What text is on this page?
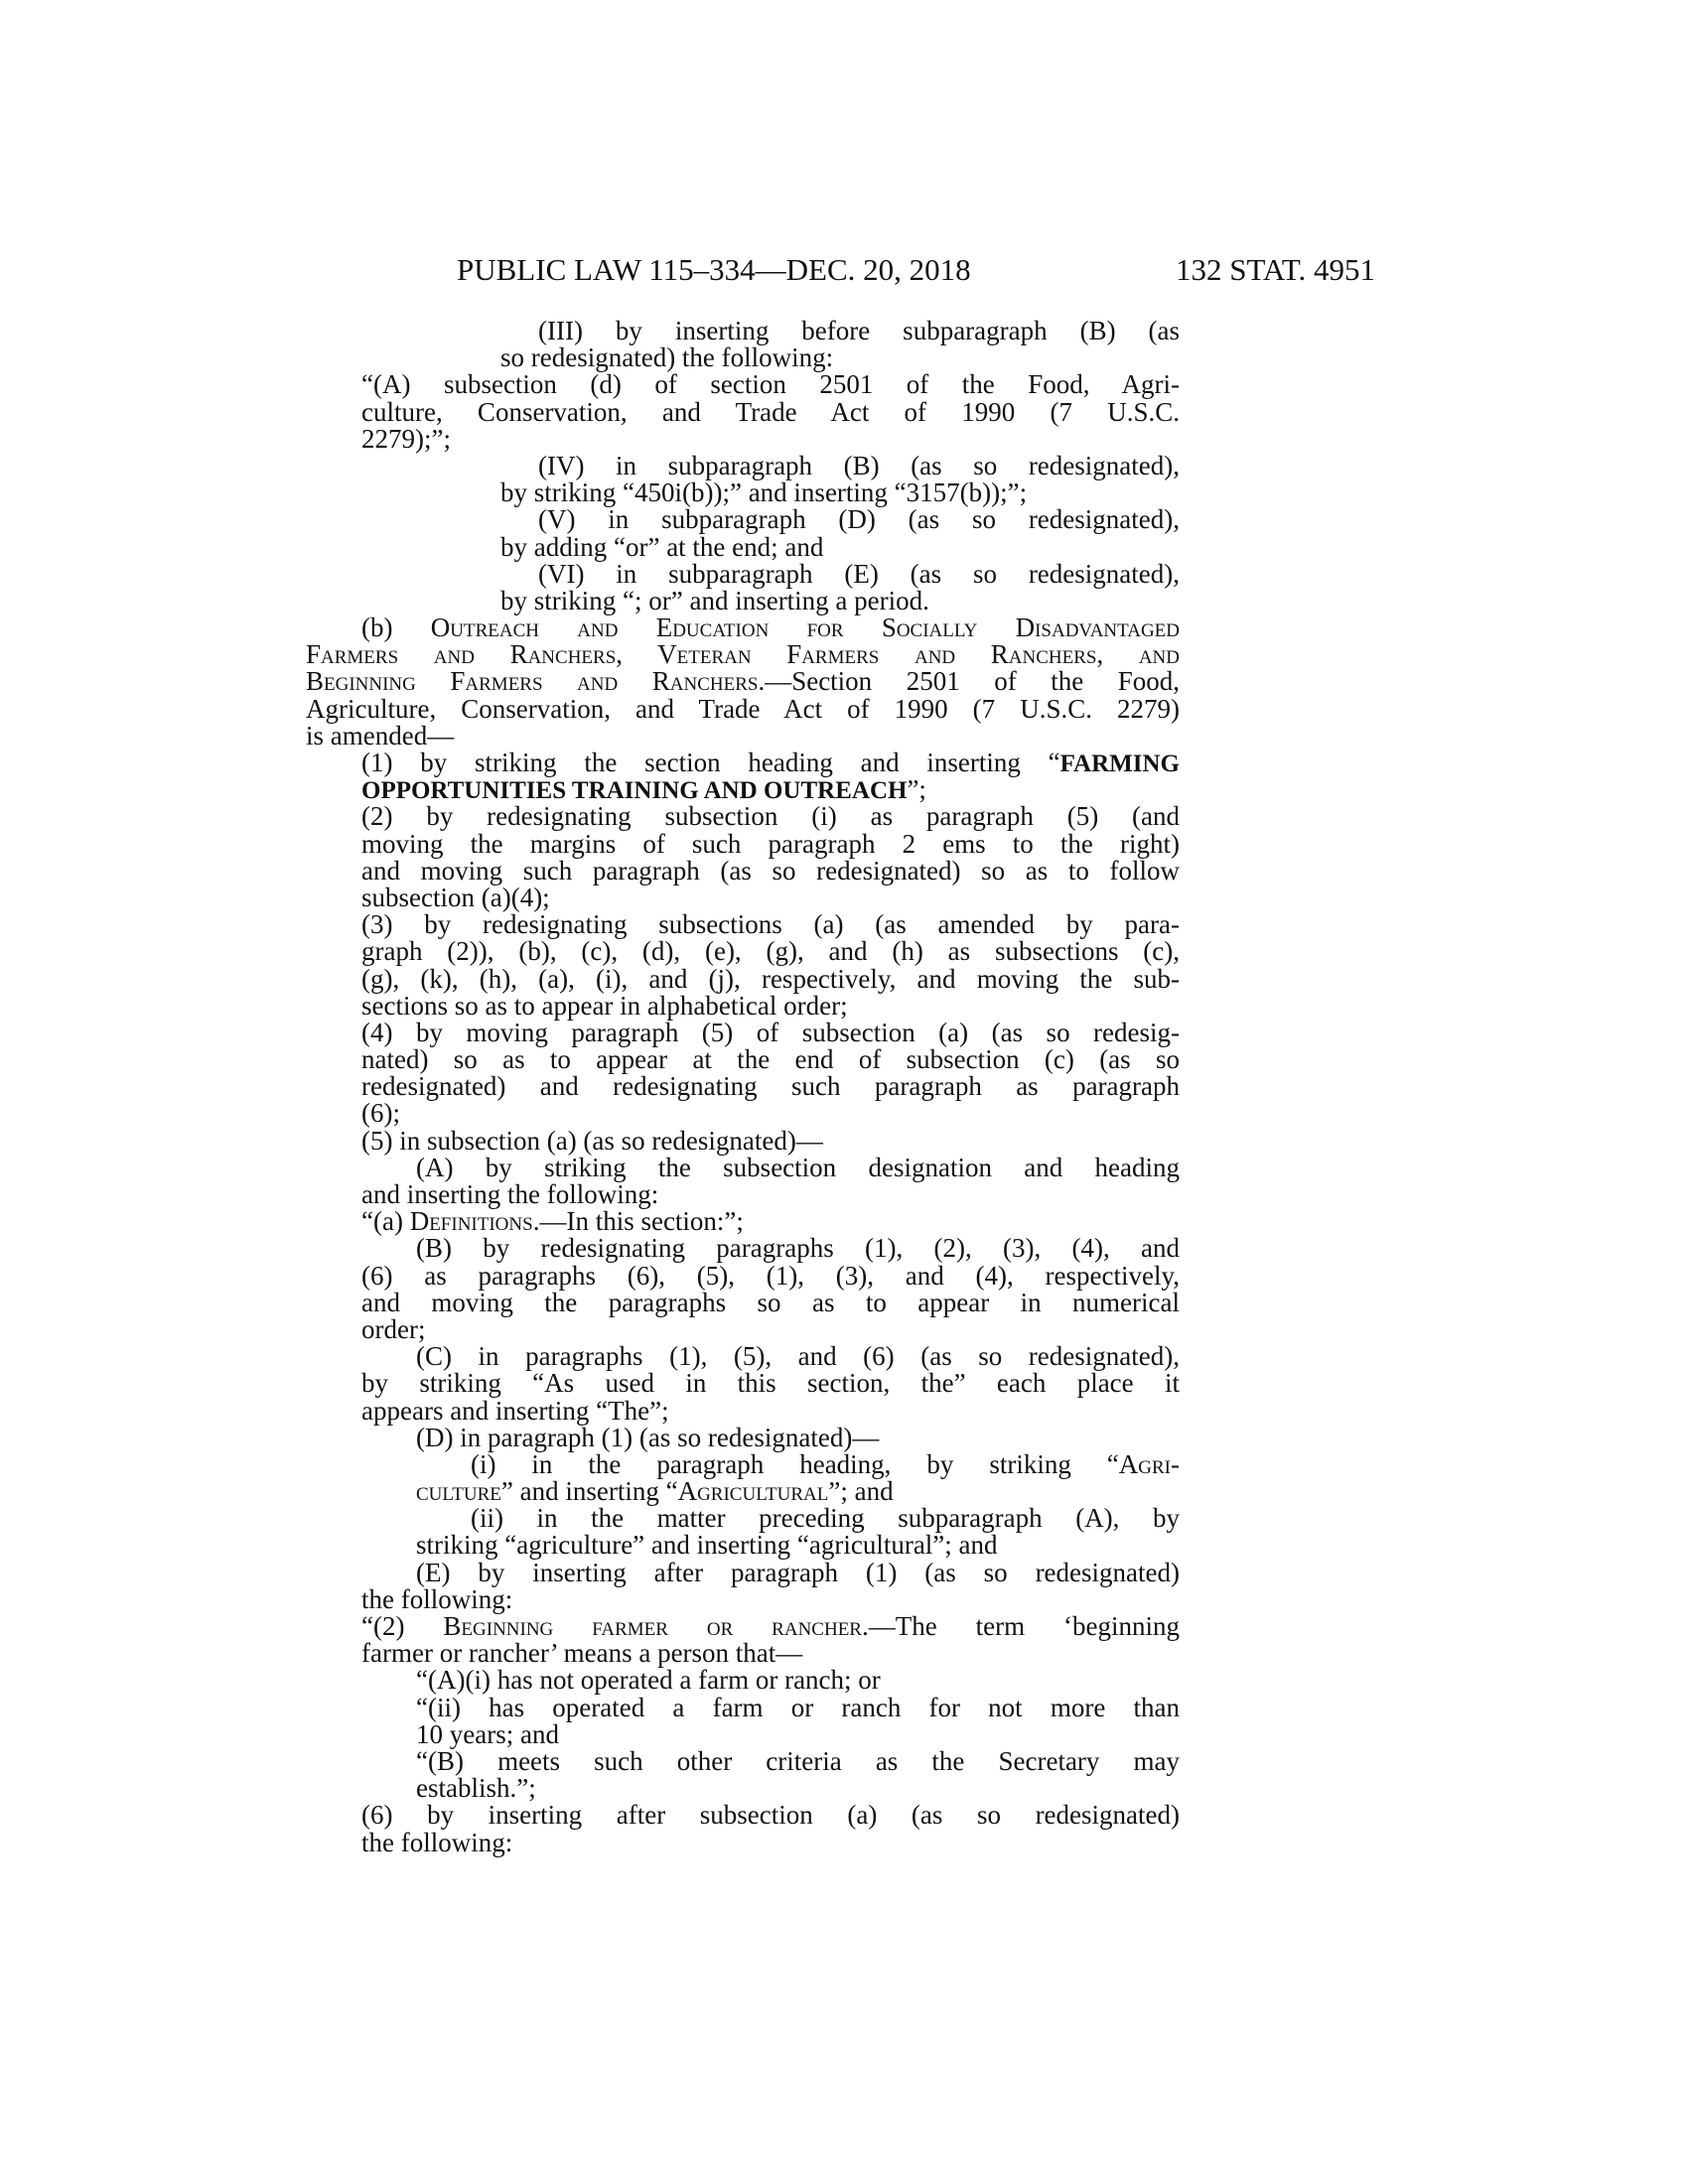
PUBLIC LAW 115–334—DEC. 20, 2018	132 STAT. 4951
(III) by inserting before subparagraph (B) (as
so redesignated) the following:
“(A) subsection (d) of section 2501 of the Food, Agri-
culture, Conservation, and Trade Act of 1990 (7 U.S.C.
2279);”;
(IV) in subparagraph (B) (as so redesignated),
by striking “450i(b));” and inserting “3157(b));”;
(V) in subparagraph (D) (as so redesignated),
by adding “or” at the end; and
(VI) in subparagraph (E) (as so redesignated),
by striking “; or” and inserting a period.
(b) Outreach and Education for Socially Disadvantaged
Farmers and Ranchers, Veteran Farmers and Ranchers, and
Beginning Farmers and Ranchers.—Section 2501 of the Food,
Agriculture, Conservation, and Trade Act of 1990 (7 U.S.C. 2279)
is amended—
(1) by striking the section heading and inserting “FARMING
OPPORTUNITIES TRAINING AND OUTREACH”;
(2) by redesignating subsection (i) as paragraph (5) (and
moving the margins of such paragraph 2 ems to the right)
and moving such paragraph (as so redesignated) so as to follow
subsection (a)(4);
(3) by redesignating subsections (a) (as amended by para-
graph (2)), (b), (c), (d), (e), (g), and (h) as subsections (c),
(g), (k), (h), (a), (i), and (j), respectively, and moving the sub-
sections so as to appear in alphabetical order;
(4) by moving paragraph (5) of subsection (a) (as so redesig-
nated) so as to appear at the end of subsection (c) (as so
redesignated) and redesignating such paragraph as paragraph
(6);
(5) in subsection (a) (as so redesignated)—
(A) by striking the subsection designation and heading
and inserting the following:
“(a) Definitions.—In this section:”;
(B) by redesignating paragraphs (1), (2), (3), (4), and
(6) as paragraphs (6), (5), (1), (3), and (4), respectively,
and moving the paragraphs so as to appear in numerical
order;
(C) in paragraphs (1), (5), and (6) (as so redesignated),
by striking “As used in this section, the” each place it
appears and inserting “The”;
(D) in paragraph (1) (as so redesignated)—
(i) in the paragraph heading, by striking “Agri-
culture” and inserting “Agricultural”; and
(ii) in the matter preceding subparagraph (A), by
striking “agriculture” and inserting “agricultural”; and
(E) by inserting after paragraph (1) (as so redesignated)
the following:
“(2) Beginning farmer or rancher.—The term ‘beginning
farmer or rancher’ means a person that—
“(A)(i) has not operated a farm or ranch; or
“(ii) has operated a farm or ranch for not more than
10 years; and
“(B) meets such other criteria as the Secretary may
establish.”;
(6) by inserting after subsection (a) (as so redesignated)
the following:
